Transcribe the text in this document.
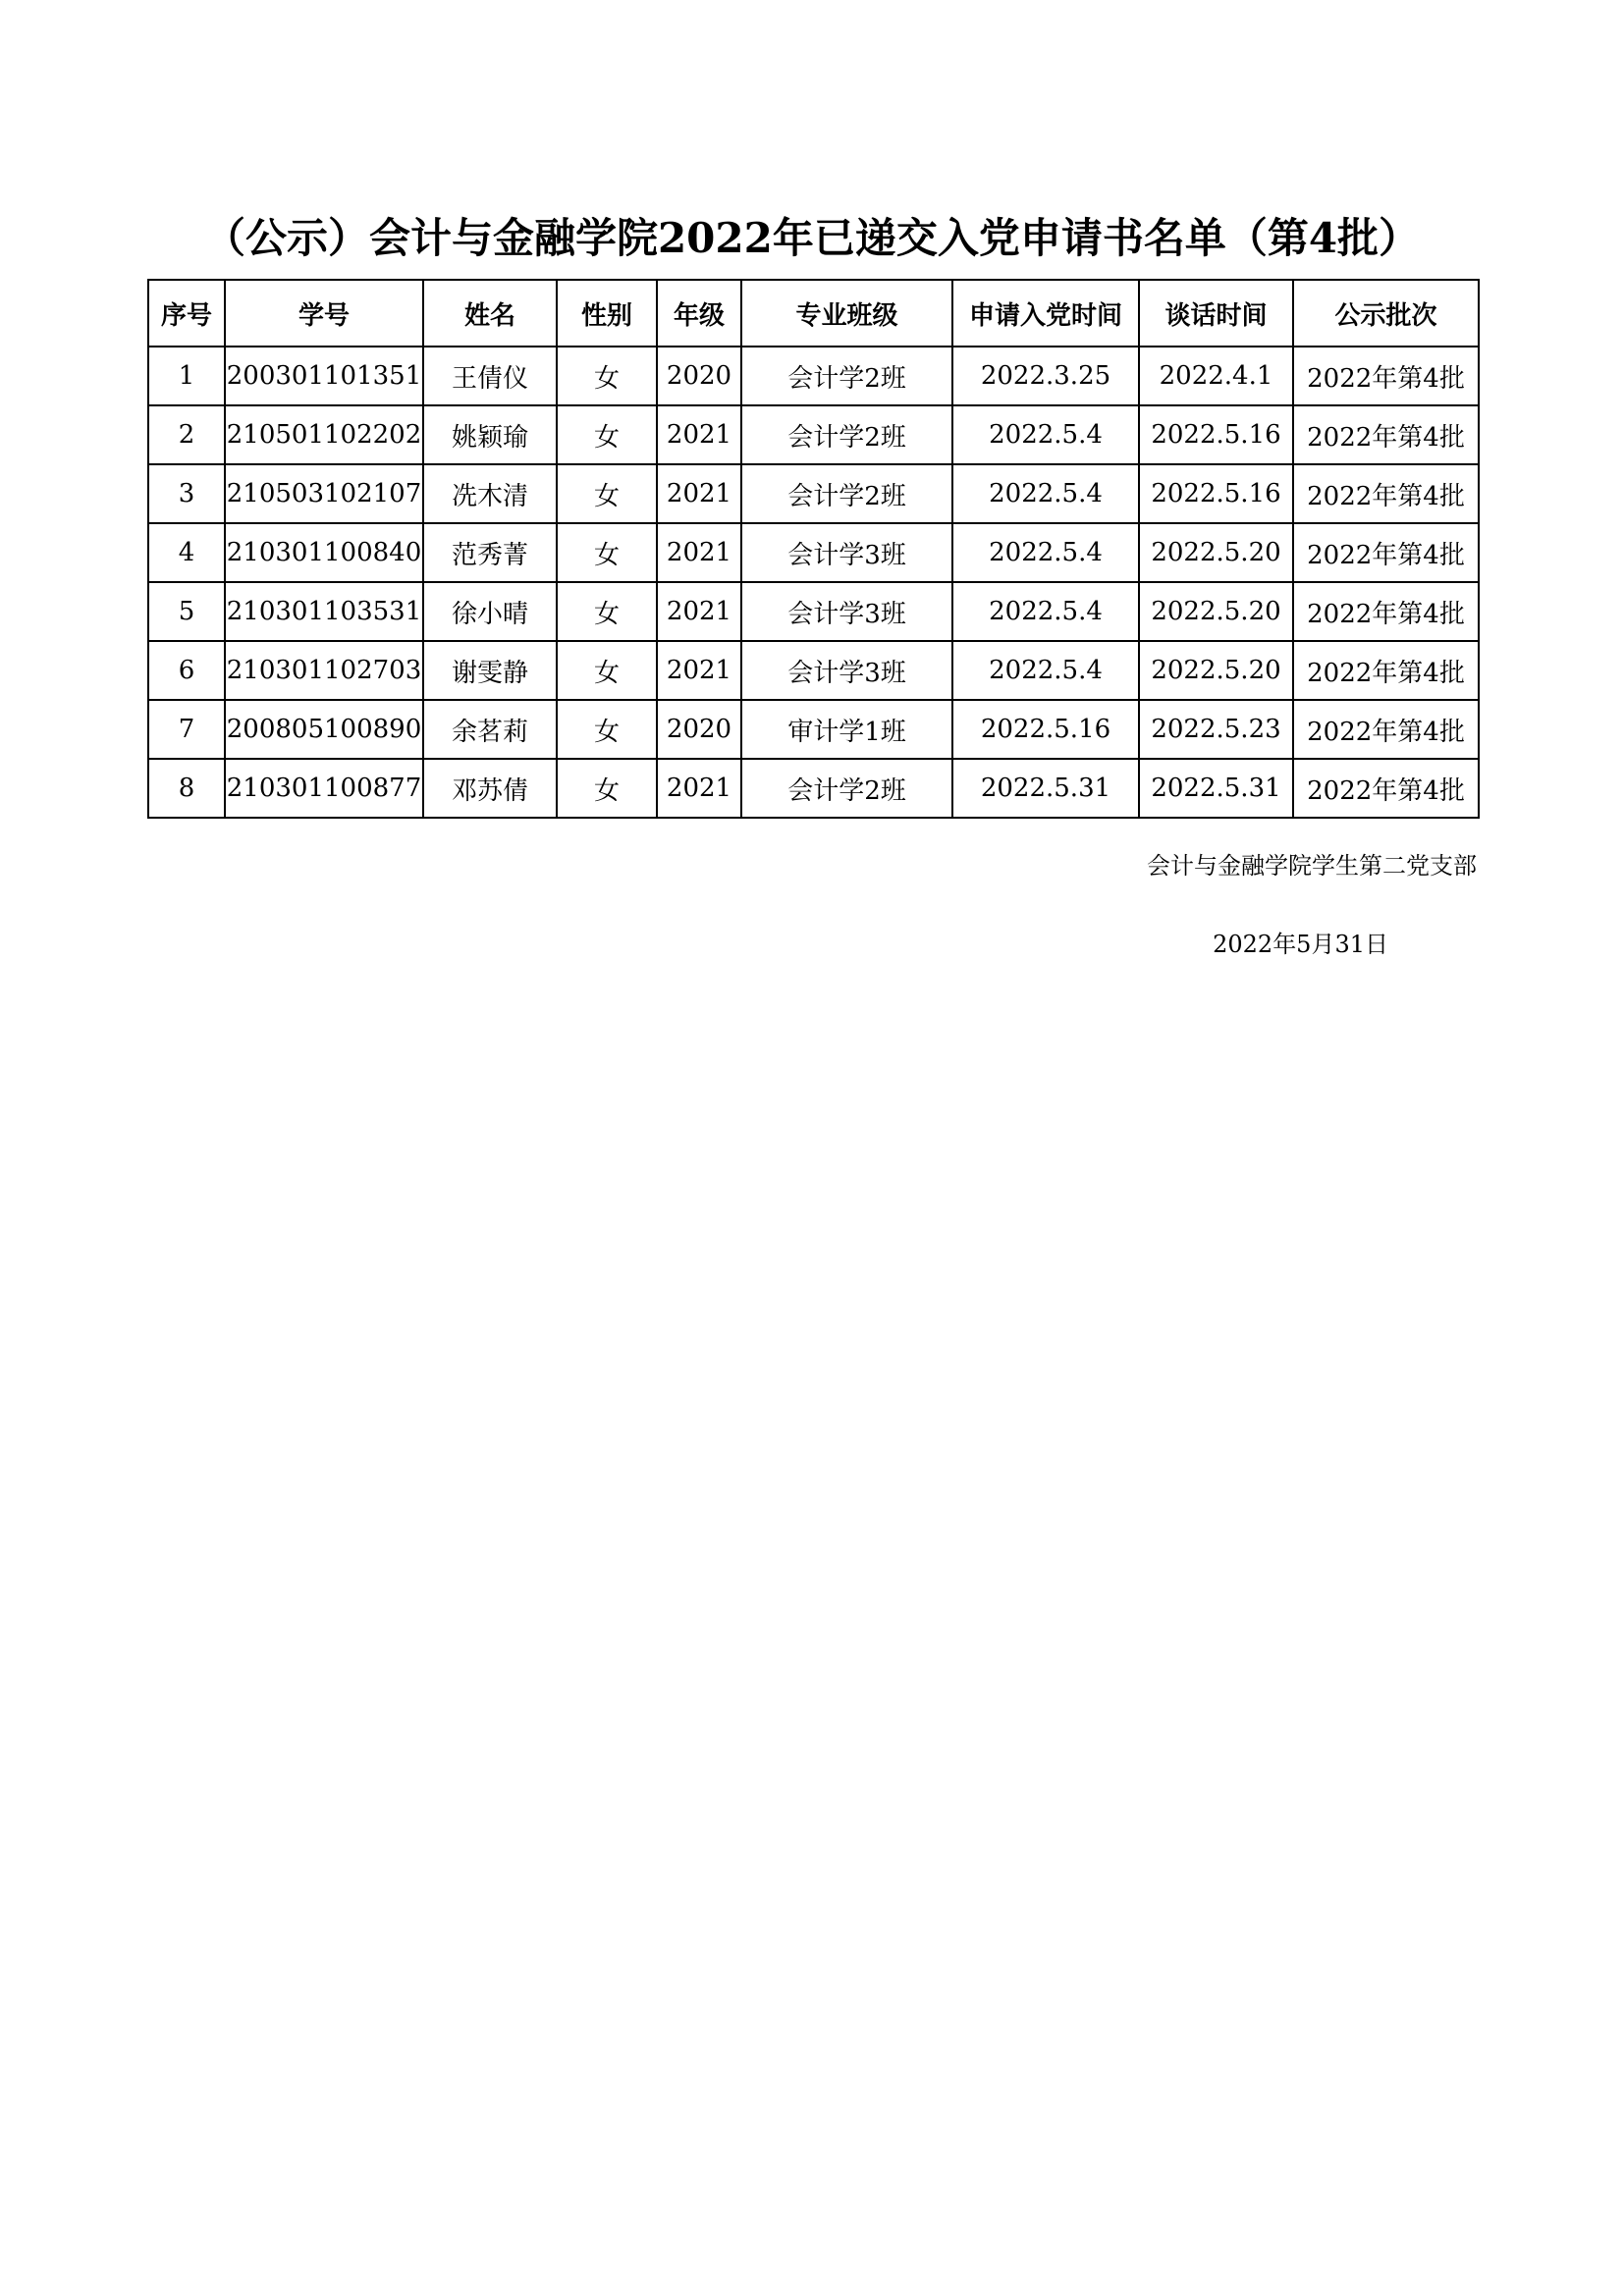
（公示）会计与金融学院2022年已递交入党申请书名单（第4批）
序号	学号	姓名	性别	年级	专业班级	申请入党时间	谈话时间	公示批次
1	200301101351	王倩仪	女	2020	会计学2班	2022.3.25	2022.4.1	2022年第4批
2	210501102202	姚颖瑜	女	2021	会计学2班	2022.5.4	2022.5.16	2022年第4批
3	210503102107	冼木清	女	2021	会计学2班	2022.5.4	2022.5.16	2022年第4批
4	210301100840	范秀菁	女	2021	会计学3班	2022.5.4	2022.5.20	2022年第4批
5	210301103531	徐小晴	女	2021	会计学3班	2022.5.4	2022.5.20	2022年第4批
6	210301102703	谢雯静	女	2021	会计学3班	2022.5.4	2022.5.20	2022年第4批
7	200805100890	余茗莉	女	2020	审计学1班	2022.5.16	2022.5.23	2022年第4批
8	210301100877	邓苏倩	女	2021	会计学2班	2022.5.31	2022.5.31	2022年第4批
会计与金融学院学生第二党支部
2022年5月31日
